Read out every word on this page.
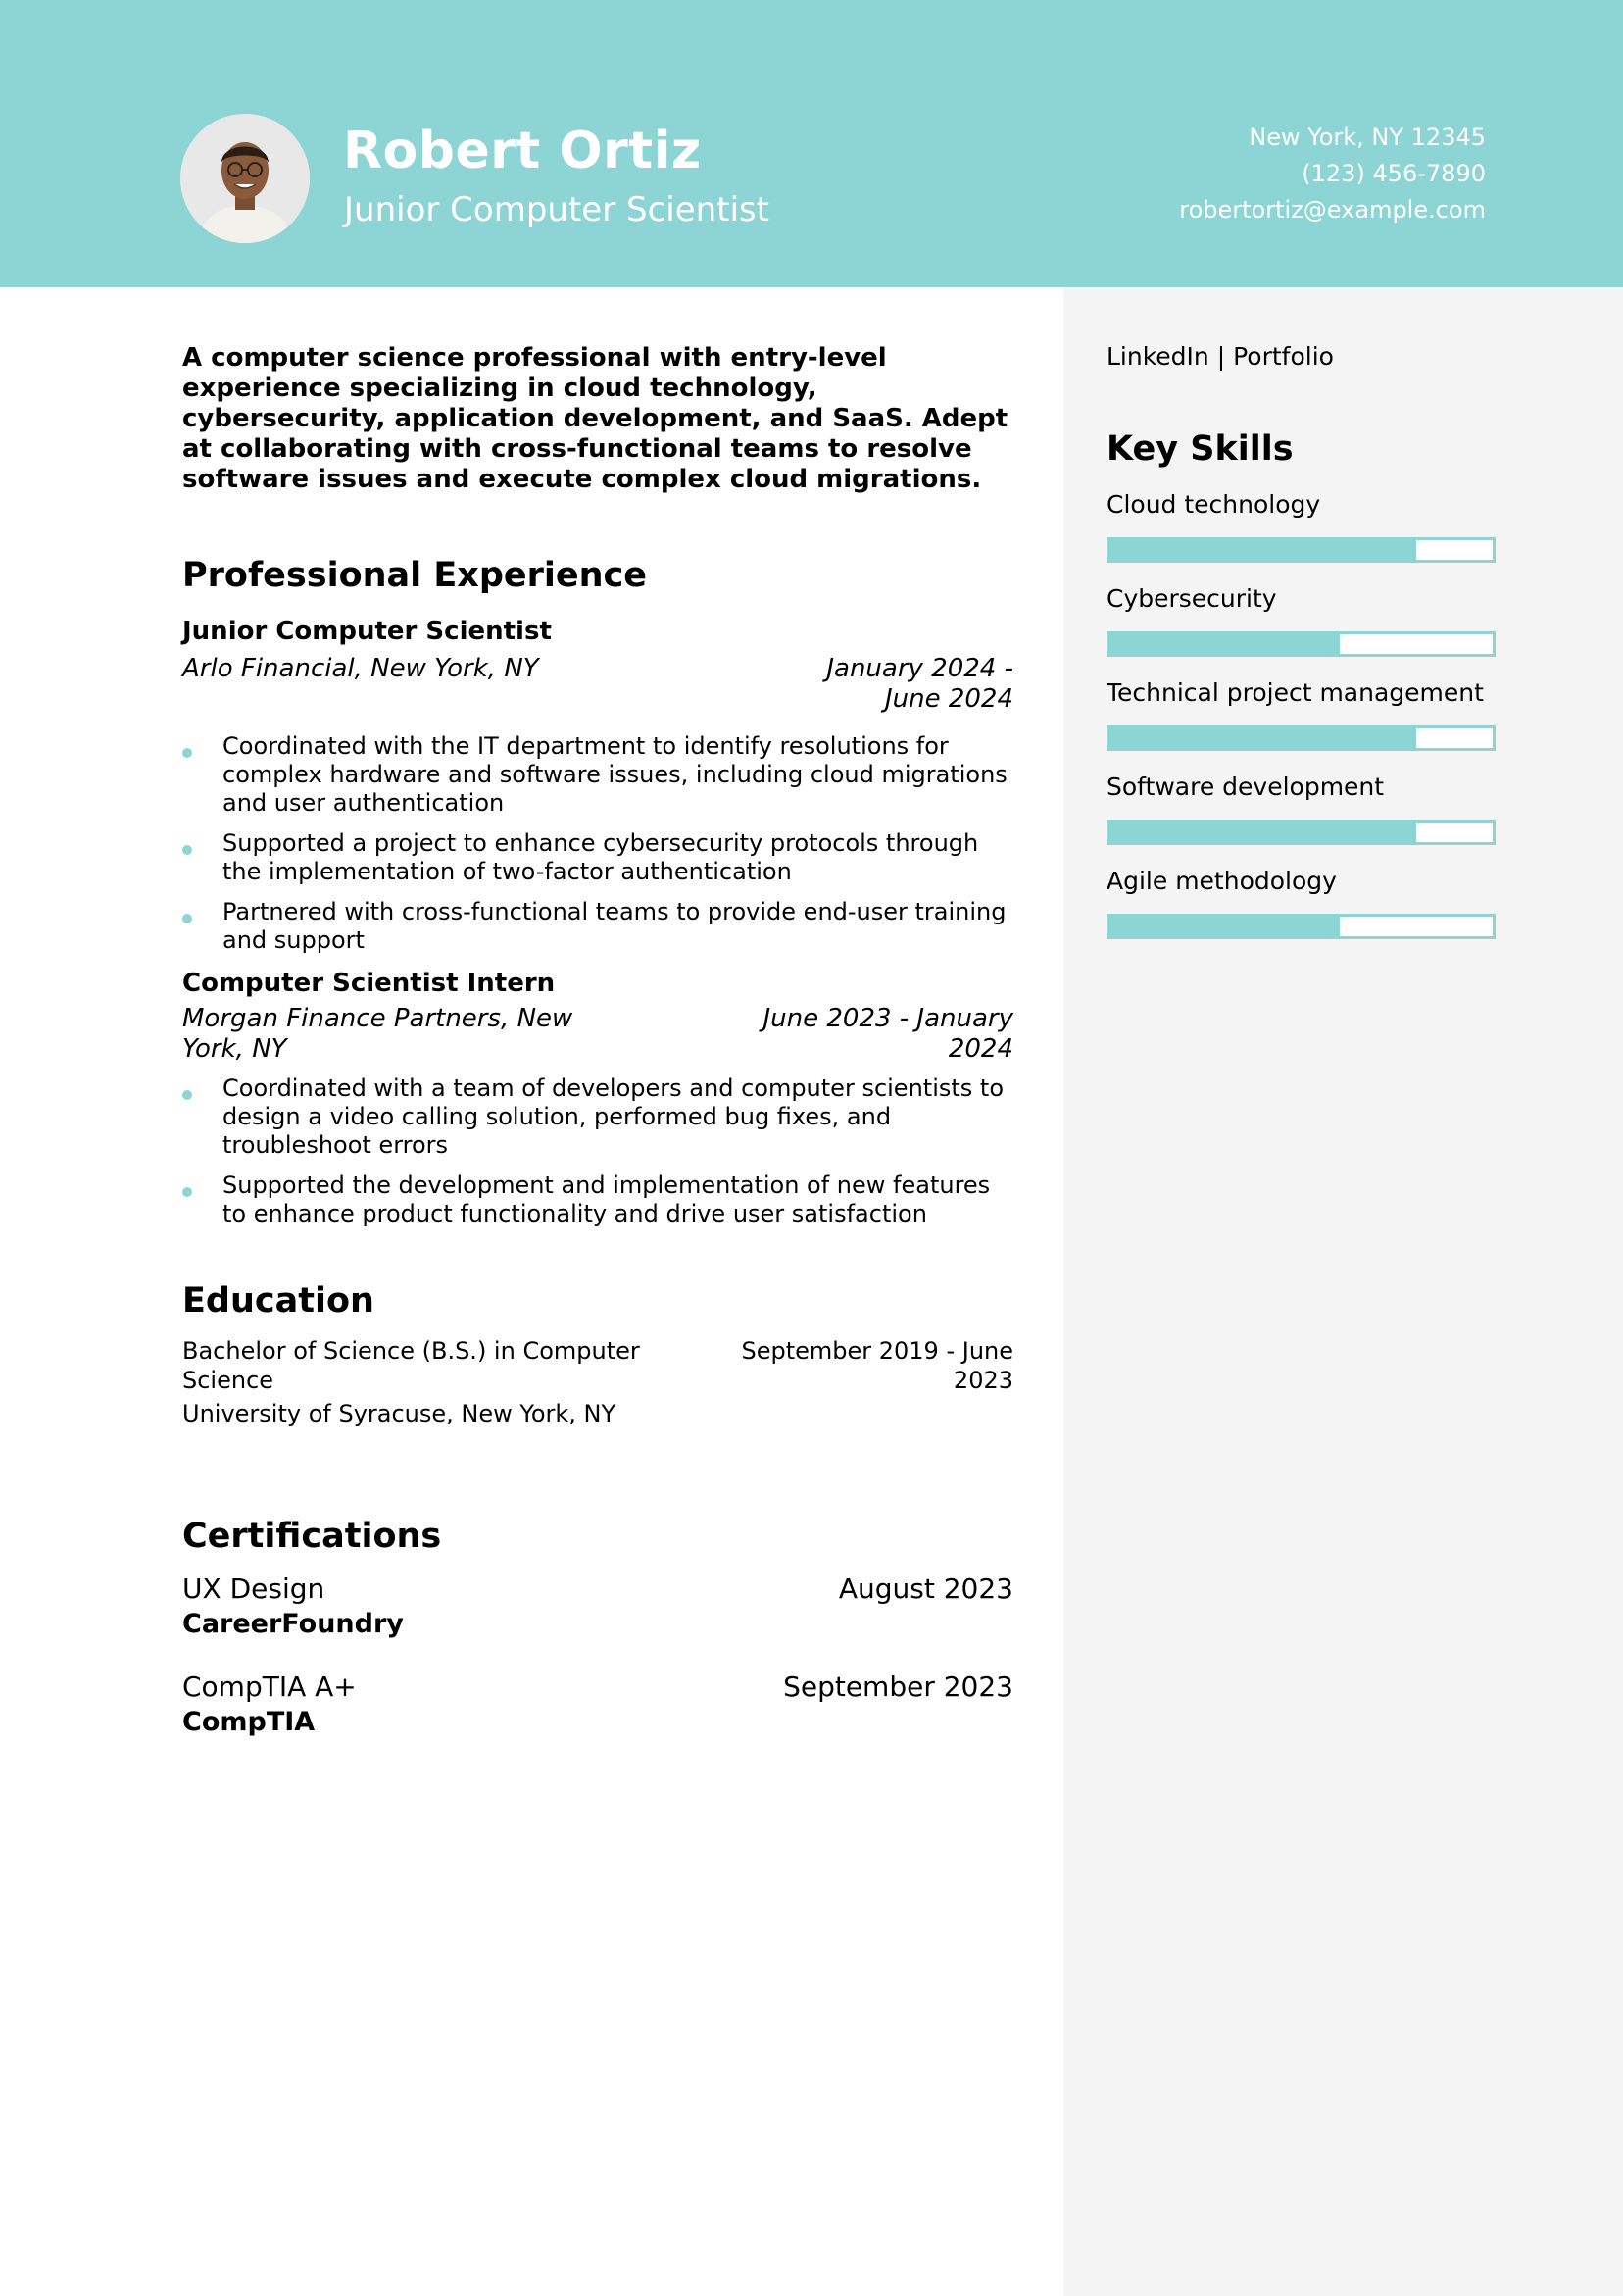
Robert Ortiz
Junior Computer Scientist
New York, NY 12345
(123) 456-7890
robertortiz@example.com
A computer science professional with entry-level experience specializing in cloud technology, cybersecurity, application development, and SaaS. Adept at collaborating with cross-functional teams to resolve software issues and execute complex cloud migrations.
Professional Experience
Junior Computer Scientist
Arlo Financial, New York, NY	January 2024 - June 2024
Coordinated with the IT department to identify resolutions for complex hardware and software issues, including cloud migrations and user authentication
Supported a project to enhance cybersecurity protocols through the implementation of two-factor authentication
Partnered with cross-functional teams to provide end-user training and support
Computer Scientist Intern
Morgan Finance Partners, New York, NY
June 2023 - January 2024
Coordinated with a team of developers and computer scientists to design a video calling solution, performed bug fixes, and troubleshoot errors
Supported the development and implementation of new features to enhance product functionality and drive user satisfaction
Education
Bachelor of Science (B.S.) in Computer Science
University of Syracuse, New York, NY
September 2019 - June 2023
Certifications
UX Design	August 2023
CareerFoundry
CompTIA A+	September 2023
CompTIA
LinkedIn | Portfolio
Key Skills
Cloud technology
Cybersecurity
Technical project management
Software development
Agile methodology
